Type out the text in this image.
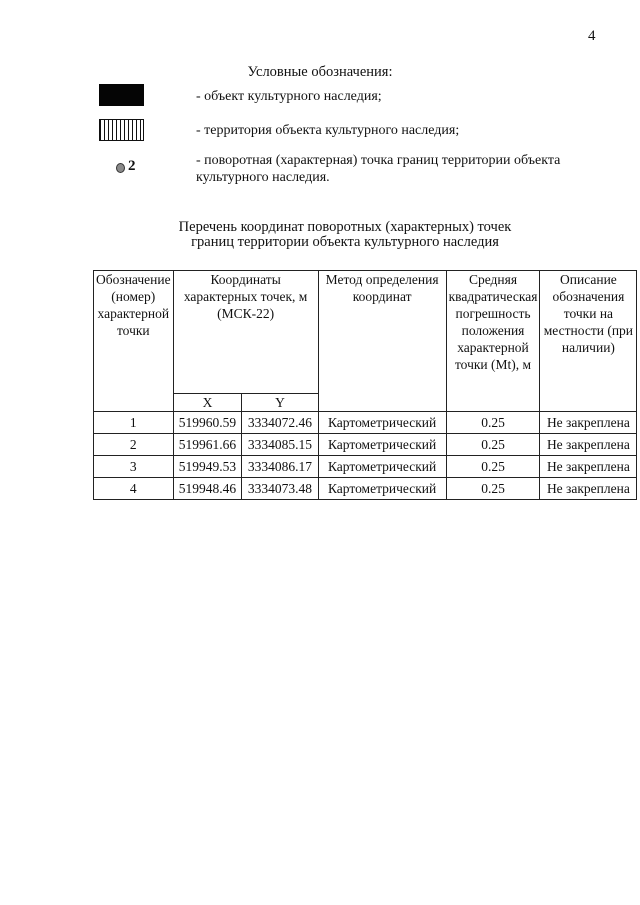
4
Условные обозначения:
- объект культурного наследия;
- территория объекта культурного наследия;
2	- поворотная (характерная) точка границ территории объекта культурного наследия.
Перечень координат поворотных (характерных) точек
границ территории объекта культурного наследия
Обозначение (номер) характерной точки	Координаты характерных точек, м (МСК-22)		Метод определения координат	Средняя квадратическая погрешность положения характерной точки (Mt), м	Описание обозначения точки на местности (при наличии)
	X	Y			
1	519960.59	3334072.46	Картометрический	0.25	Не закреплена
2	519961.66	3334085.15	Картометрический	0.25	Не закреплена
3	519949.53	3334086.17	Картометрический	0.25	Не закреплена
4	519948.46	3334073.48	Картометрический	0.25	Не закреплена
